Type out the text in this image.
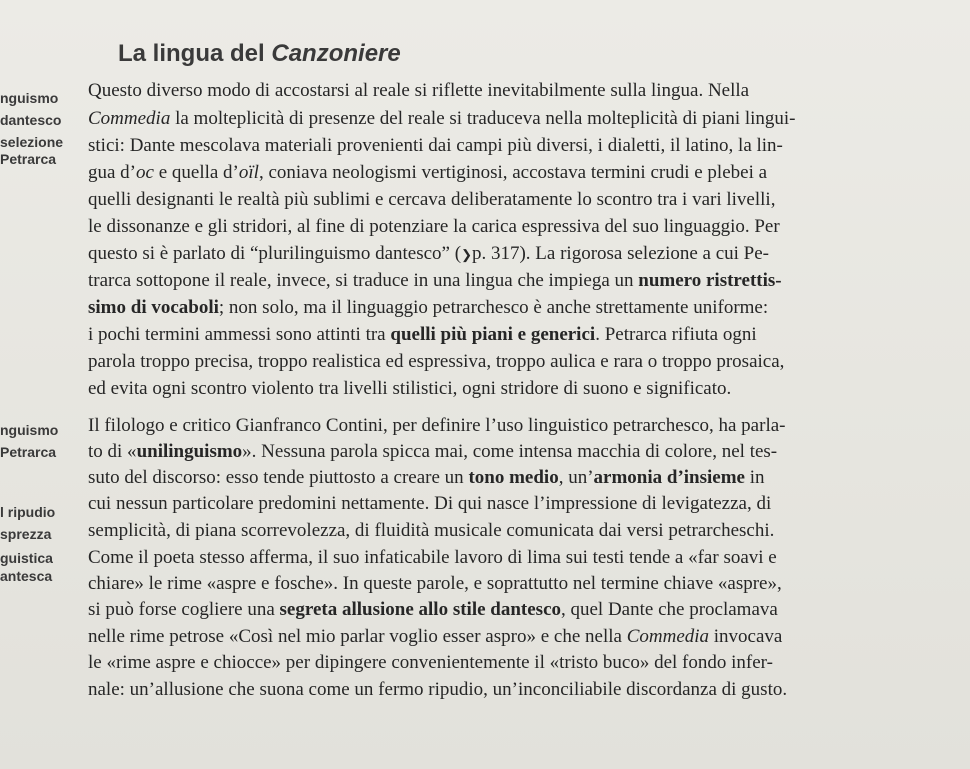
La lingua del Canzoniere
nguismo
dantesco
selezione
Petrarca
nguismo
Petrarca
l ripudio
sprezza
guistica
antesca
Questo diverso modo di accostarsi al reale si riflette inevitabilmente sulla lingua. Nella
Commedia la molteplicità di presenze del reale si traduceva nella molteplicità di piani lingui-
stici: Dante mescolava materiali provenienti dai campi più diversi, i dialetti, il latino, la lin-
gua d’oc e quella d’oïl, coniava neologismi vertiginosi, accostava termini crudi e plebei a
quelli designanti le realtà più sublimi e cercava deliberatamente lo scontro tra i vari livelli,
le dissonanze e gli stridori, al fine di potenziare la carica espressiva del suo linguaggio. Per
questo si è parlato di “plurilinguismo dantesco” (❯p. 317). La rigorosa selezione a cui Pe-
trarca sottopone il reale, invece, si traduce in una lingua che impiega un numero ristrettis-
simo di vocaboli; non solo, ma il linguaggio petrarchesco è anche strettamente uniforme:
i pochi termini ammessi sono attinti tra quelli più piani e generici. Petrarca rifiuta ogni
parola troppo precisa, troppo realistica ed espressiva, troppo aulica e rara o troppo prosaica,
ed evita ogni scontro violento tra livelli stilistici, ogni stridore di suono e significato.
Il filologo e critico Gianfranco Contini, per definire l’uso linguistico petrarchesco, ha parla-
to di «unilinguismo». Nessuna parola spicca mai, come intensa macchia di colore, nel tes-
suto del discorso: esso tende piuttosto a creare un tono medio, un’armonia d’insieme in
cui nessun particolare predomini nettamente. Di qui nasce l’impressione di levigatezza, di
semplicità, di piana scorrevolezza, di fluidità musicale comunicata dai versi petrarcheschi.
Come il poeta stesso afferma, il suo infaticabile lavoro di lima sui testi tende a «far soavi e
chiare» le rime «aspre e fosche». In queste parole, e soprattutto nel termine chiave «aspre»,
si può forse cogliere una segreta allusione allo stile dantesco, quel Dante che proclamava
nelle rime petrose «Così nel mio parlar voglio esser aspro» e che nella Commedia invocava
le «rime aspre e chiocce» per dipingere convenientemente il «tristo buco» del fondo infer-
nale: un’allusione che suona come un fermo ripudio, un’inconciliabile discordanza di gusto.
